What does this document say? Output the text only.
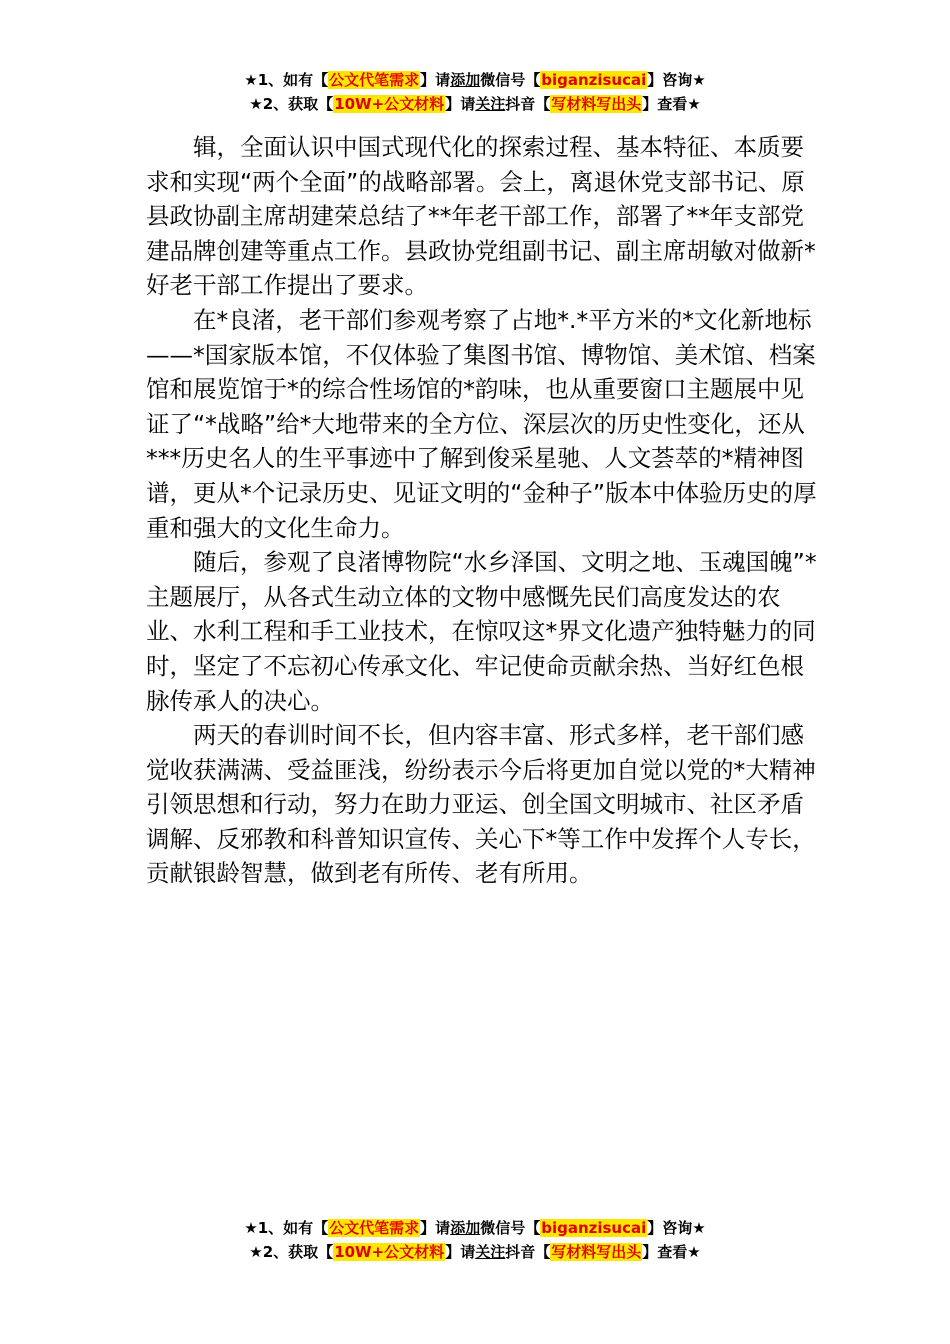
★1、如有【公文代笔需求】请添加微信号【biganzisucai】咨询★
★2、获取【10W+公文材料】请关注抖音【写材料写出头】查看★

辑，全面认识中国式现代化的探索过程、基本特征、本质要求和实现“两个全面”的战略部署。会上，离退休党支部书记、原县政协副主席胡建荣总结了**年老干部工作，部署了**年支部党建品牌创建等重点工作。县政协党组副书记、副主席胡敏对做新*好老干部工作提出了要求。

在*良渚，老干部们参观考察了占地*.*平方米的*文化新地标——*国家版本馆，不仅体验了集图书馆、博物馆、美术馆、档案馆和展览馆于*的综合性场馆的*韵味，也从重要窗口主题展中见证了“*战略”给*大地带来的全方位、深层次的历史性变化，还从***历史名人的生平事迹中了解到俊采星驰、人文荟萃的*精神图谱，更从*个记录历史、见证文明的“金种子”版本中体验历史的厚重和强大的文化生命力。

随后，参观了良渚博物院“水乡泽国、文明之地、玉魂国魄”*主题展厅，从各式生动立体的文物中感慨先民们高度发达的农业、水利工程和手工业技术，在惊叹这*界文化遗产独特魅力的同时，坚定了不忘初心传承文化、牢记使命贡献余热、当好红色根脉传承人的决心。

两天的春训时间不长，但内容丰富、形式多样，老干部们感觉收获满满、受益匪浅，纷纷表示今后将更加自觉以党的*大精神引领思想和行动，努力在助力亚运、创全国文明城市、社区矛盾调解、反邪教和科普知识宣传、关心下*等工作中发挥个人专长，贡献银龄智慧，做到老有所传、老有所用。

★1、如有【公文代笔需求】请添加微信号【biganzisucai】咨询★
★2、获取【10W+公文材料】请关注抖音【写材料写出头】查看★
